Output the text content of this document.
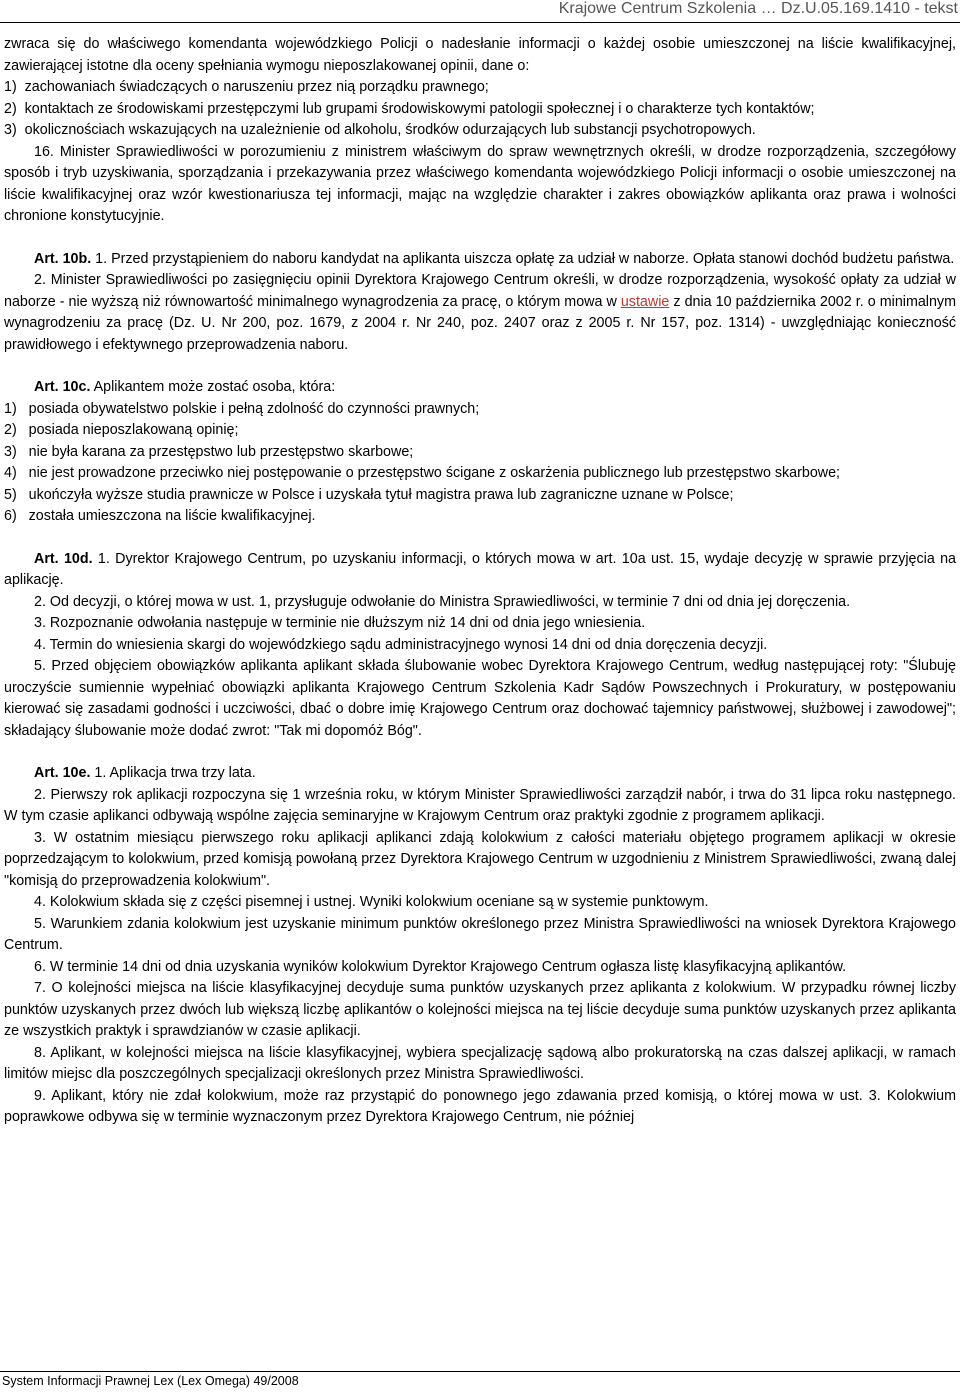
Krajowe Centrum Szkolenia … Dz.U.05.169.1410 - tekst

zwraca się do właściwego komendanta wojewódzkiego Policji o nadesłanie informacji o każdej osobie umieszczonej na liście kwalifikacyjnej, zawierającej istotne dla oceny spełniania wymogu nieposzlakowanej opinii, dane o:

1)  zachowaniach świadczących o naruszeniu przez nią porządku prawnego;

2)  kontaktach ze środowiskami przestępczymi lub grupami środowiskowymi patologii społecznej i o charakterze tych kontaktów;

3)  okolicznościach wskazujących na uzależnienie od alkoholu, środków odurzających lub substancji psychotropowych.

16. Minister Sprawiedliwości w porozumieniu z ministrem właściwym do spraw wewnętrznych określi, w drodze rozporządzenia, szczegółowy sposób i tryb uzyskiwania, sporządzania i przekazywania przez właściwego komendanta wojewódzkiego Policji informacji o osobie umieszczonej na liście kwalifikacyjnej oraz wzór kwestionariusza tej informacji, mając na względzie charakter i zakres obowiązków aplikanta oraz prawa i wolności chronione konstytucyjnie.

Art. 10b. 1. Przed przystąpieniem do naboru kandydat na aplikanta uiszcza opłatę za udział w naborze. Opłata stanowi dochód budżetu państwa.

2. Minister Sprawiedliwości po zasięgnięciu opinii Dyrektora Krajowego Centrum określi, w drodze rozporządzenia, wysokość opłaty za udział w naborze - nie wyższą niż równowartość minimalnego wynagrodzenia za pracę, o którym mowa w ustawie z dnia 10 października 2002 r. o minimalnym wynagrodzeniu za pracę (Dz. U. Nr 200, poz. 1679, z 2004 r. Nr 240, poz. 2407 oraz z 2005 r. Nr 157, poz. 1314) - uwzględniając konieczność prawidłowego i efektywnego przeprowadzenia naboru.

Art. 10c. Aplikantem może zostać osoba, która:

1)   posiada obywatelstwo polskie i pełną zdolność do czynności prawnych;

2)   posiada nieposzlakowaną opinię;

3)   nie była karana za przestępstwo lub przestępstwo skarbowe;

4)   nie jest prowadzone przeciwko niej postępowanie o przestępstwo ścigane z oskarżenia publicznego lub przestępstwo skarbowe;

5)   ukończyła wyższe studia prawnicze w Polsce i uzyskała tytuł magistra prawa lub zagraniczne uznane w Polsce;

6)   została umieszczona na liście kwalifikacyjnej.

Art. 10d. 1. Dyrektor Krajowego Centrum, po uzyskaniu informacji, o których mowa w art. 10a ust. 15, wydaje decyzję w sprawie przyjęcia na aplikację.

2. Od decyzji, o której mowa w ust. 1, przysługuje odwołanie do Ministra Sprawiedliwości, w terminie 7 dni od dnia jej doręczenia.

3. Rozpoznanie odwołania następuje w terminie nie dłuższym niż 14 dni od dnia jego wniesienia.

4. Termin do wniesienia skargi do wojewódzkiego sądu administracyjnego wynosi 14 dni od dnia doręczenia decyzji.

5. Przed objęciem obowiązków aplikanta aplikant składa ślubowanie wobec Dyrektora Krajowego Centrum, według następującej roty: "Ślubuję uroczyście sumiennie wypełniać obowiązki aplikanta Krajowego Centrum Szkolenia Kadr Sądów Powszechnych i Prokuratury, w postępowaniu kierować się zasadami godności i uczciwości, dbać o dobre imię Krajowego Centrum oraz dochować tajemnicy państwowej, służbowej i zawodowej"; składający ślubowanie może dodać zwrot: "Tak mi dopomóż Bóg".

Art. 10e. 1. Aplikacja trwa trzy lata.

2. Pierwszy rok aplikacji rozpoczyna się 1 września roku, w którym Minister Sprawiedliwości zarządził nabór, i trwa do 31 lipca roku następnego. W tym czasie aplikanci odbywają wspólne zajęcia seminaryjne w Krajowym Centrum oraz praktyki zgodnie z programem aplikacji.

3. W ostatnim miesiącu pierwszego roku aplikacji aplikanci zdają kolokwium z całości materiału objętego programem aplikacji w okresie poprzedzającym to kolokwium, przed komisją powołaną przez Dyrektora Krajowego Centrum w uzgodnieniu z Ministrem Sprawiedliwości, zwaną dalej "komisją do przeprowadzenia kolokwium".

4. Kolokwium składa się z części pisemnej i ustnej. Wyniki kolokwium oceniane są w systemie punktowym.

5. Warunkiem zdania kolokwium jest uzyskanie minimum punktów określonego przez Ministra Sprawiedliwości na wniosek Dyrektora Krajowego Centrum.

6. W terminie 14 dni od dnia uzyskania wyników kolokwium Dyrektor Krajowego Centrum ogłasza listę klasyfikacyjną aplikantów.

7. O kolejności miejsca na liście klasyfikacyjnej decyduje suma punktów uzyskanych przez aplikanta z kolokwium. W przypadku równej liczby punktów uzyskanych przez dwóch lub większą liczbę aplikantów o kolejności miejsca na tej liście decyduje suma punktów uzyskanych przez aplikanta ze wszystkich praktyk i sprawdzianów w czasie aplikacji.

8. Aplikant, w kolejności miejsca na liście klasyfikacyjnej, wybiera specjalizację sądową albo prokuratorską na czas dalszej aplikacji, w ramach limitów miejsc dla poszczególnych specjalizacji określonych przez Ministra Sprawiedliwości.

9. Aplikant, który nie zdał kolokwium, może raz przystąpić do ponownego jego zdawania przed komisją, o której mowa w ust. 3. Kolokwium poprawkowe odbywa się w terminie wyznaczonym przez Dyrektora Krajowego Centrum, nie później

System Informacji Prawnej Lex (Lex Omega) 49/2008
